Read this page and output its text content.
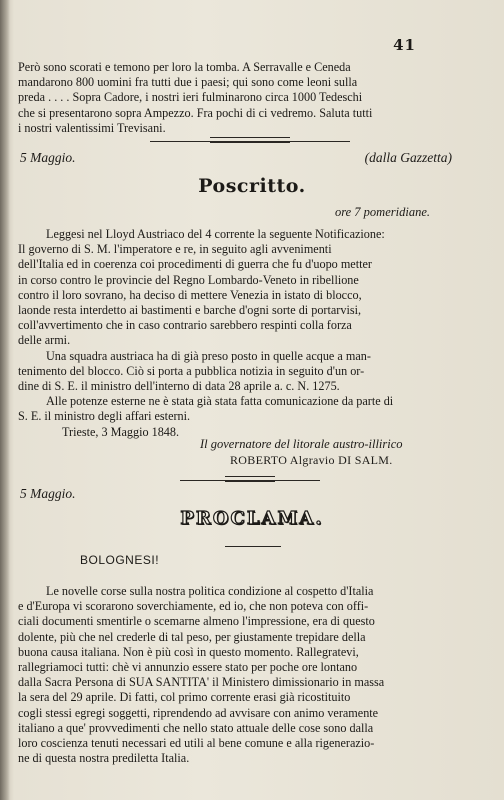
41

Però sono scorati e temono per loro la tomba. A Serravalle e Ceneda

mandarono 800 uomini fra tutti due i paesi; qui sono come leoni sulla

preda . . . . Sopra Cadore, i nostri ieri fulminarono circa 1000 Tedeschi

che si presentarono sopra Ampezzo. Fra pochi di ci vedremo. Saluta tutti

i nostri valentissimi Trevisani.

5 Maggio.	(dalla Gazzetta)
Poscritto.
ore 7 pomeridiane.

Leggesi nel Lloyd Austriaco del 4 corrente la seguente Notificazione:

Il governo di S. M. l'imperatore e re, in seguito agli avvenimenti

dell'Italia ed in coerenza coi procedimenti di guerra che fu d'uopo metter

in corso contro le provincie del Regno Lombardo-Veneto in ribellione

contro il loro sovrano, ha deciso di mettere Venezia in istato di blocco,

laonde resta interdetto ai bastimenti e barche d'ogni sorte di portarvisi,

coll'avvertimento che in caso contrario sarebbero respinti colla forza

delle armi.

Una squadra austriaca ha di già preso posto in quelle acque a man-

tenimento del blocco. Ciò si porta a pubblica notizia in seguito d'un or-

dine di S. E. il ministro dell'interno di data 28 aprile a. c. N. 1275.

Alle potenze esterne ne è stata già stata fatta comunicazione da parte di

S. E. il ministro degli affari esterni.

Trieste, 3 Maggio 1848.

Il governatore del litorale austro-illirico
ROBERTO Algravio DI SALM.
5 Maggio.
PROCLAMA.
BOLOGNESI!

Le novelle corse sulla nostra politica condizione al cospetto d'Italia

e d'Europa vi scorarono soverchiamente, ed io, che non poteva con offi-

ciali documenti smentirle o scemarne almeno l'impressione, era di questo

dolente, più che nel crederle di tal peso, per giustamente trepidare della

buona causa italiana. Non è più così in questo momento. Rallegratevi,

rallegriamoci tutti: chè vi annunzio essere stato per poche ore lontano

dalla Sacra Persona di SUA SANTITA' il Ministero dimissionario in massa

la sera del 29 aprile. Di fatti, col primo corrente erasi già ricostituito

cogli stessi egregi soggetti, riprendendo ad avvisare con animo veramente

italiano a que' provvedimenti che nello stato attuale delle cose sono dalla

loro coscienza tenuti necessari ed utili al bene comune e alla rigenerazio-

ne di questa nostra prediletta Italia.
